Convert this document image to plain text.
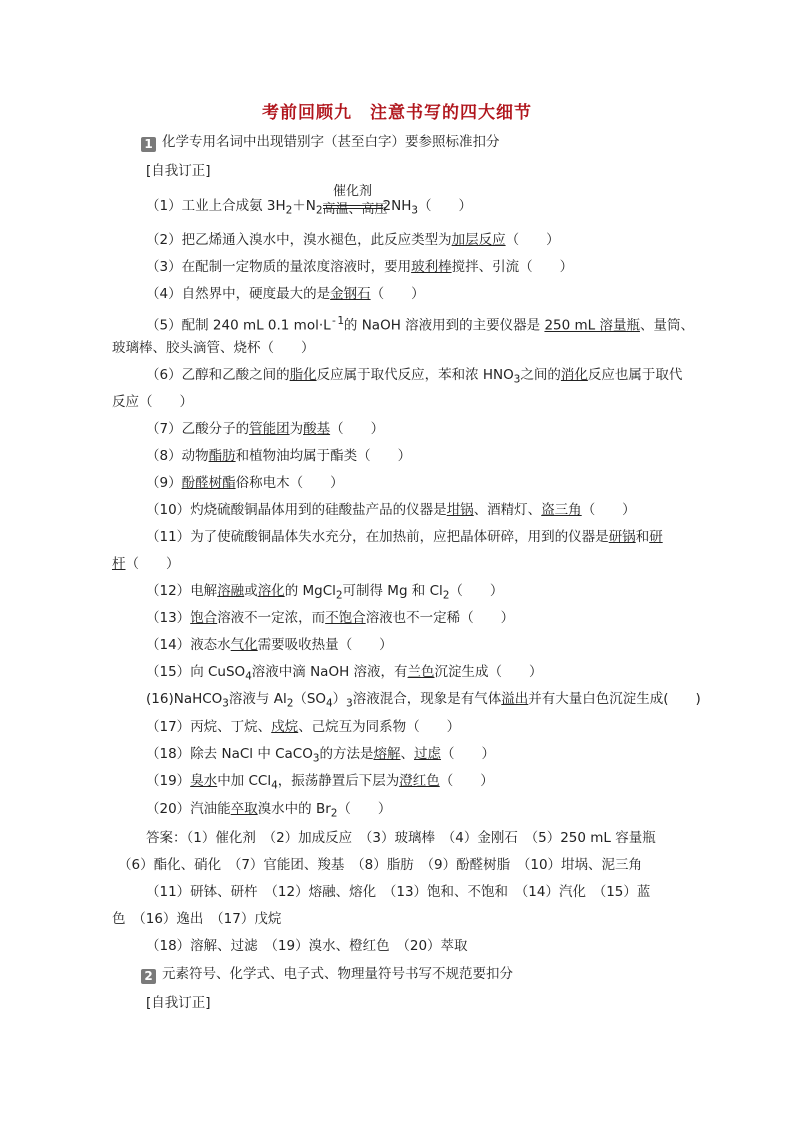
考前回顾九　注意书写的四大细节
1 化学专用名词中出现错别字（甚至白字）要参照标准扣分
[自我订正]
（1）工业上合成氨 $3H_2+N_2$
催化剂
高温、高压
$2NH_3$（　　）
（2）把乙烯通入溴水中，溴水褪色，此反应类型为加层反应（　　）
（3）在配制一定物质的量浓度溶液时，要用玻利棒搅拌、引流（　　）
（4）自然界中，硬度最大的是金钢石（　　）
（5）配制 240 mL 0.1 $mol\cdot L^{-1}$的 NaOH 溶液用到的主要仪器是 250 mL 溶量瓶、量筒、
玻璃棒、胶头滴管、烧杯（　　）
（6）乙醇和乙酸之间的脂化反应属于取代反应，苯和浓 $HNO_3$之间的消化反应也属于取代
反应（　　）
（7）乙酸分子的管能团为酸基（　　）
（8）动物酯肪和植物油均属于酯类（　　）
（9）酚醛树酯俗称电木（　　）
（10）灼烧硫酸铜晶体用到的硅酸盐产品的仪器是坩锅、酒精灯、盗三角（　　）
（11）为了使硫酸铜晶体失水充分，在加热前，应把晶体研碎，用到的仪器是研锅和研
杆（　　）
（12）电解溶融或溶化的 MgCl$_2$可制得 Mg 和 $Cl_2$（　　）
（13）饱合溶液不一定浓，而不饱合溶液也不一定稀（　　）
（14）液态水气化需要吸收热量（　　）
（15）向 CuSO$_4$溶液中滴 NaOH 溶液，有兰色沉淀生成（　　）
(16)NaHCO$_3$溶液与 $Al_2(SO_4)_3$溶液混合，现象是有气体溢出并有大量白色沉淀生成(　　)
（17）丙烷、丁烷、戍烷、己烷互为同系物（　　）
（18）除去 NaCl 中 CaCO$_3$的方法是熔解、过虑（　　）
（19）臭水中加 CCl$_4$，振荡静置后下层为澄红色（　　）
（20）汽油能卒取溴水中的 $Br_2$（　　）
答案：（1）催化剂　（2）加成反应　（3）玻璃棒　（4）金刚石　（5）250 mL 容量瓶
（6）酯化、硝化　（7）官能团、羧基　（8）脂肪　（9）酚醛树脂　（10）坩埚、泥三角
（11）研钵、研杵　（12）熔融、熔化　（13）饱和、不饱和　（14）汽化　（15）蓝
色　（16）逸出　（17）戊烷
（18）溶解、过滤　（19）溴水、橙红色　（20）萃取
2 元素符号、化学式、电子式、物理量符号书写不规范要扣分
[自我订正]
